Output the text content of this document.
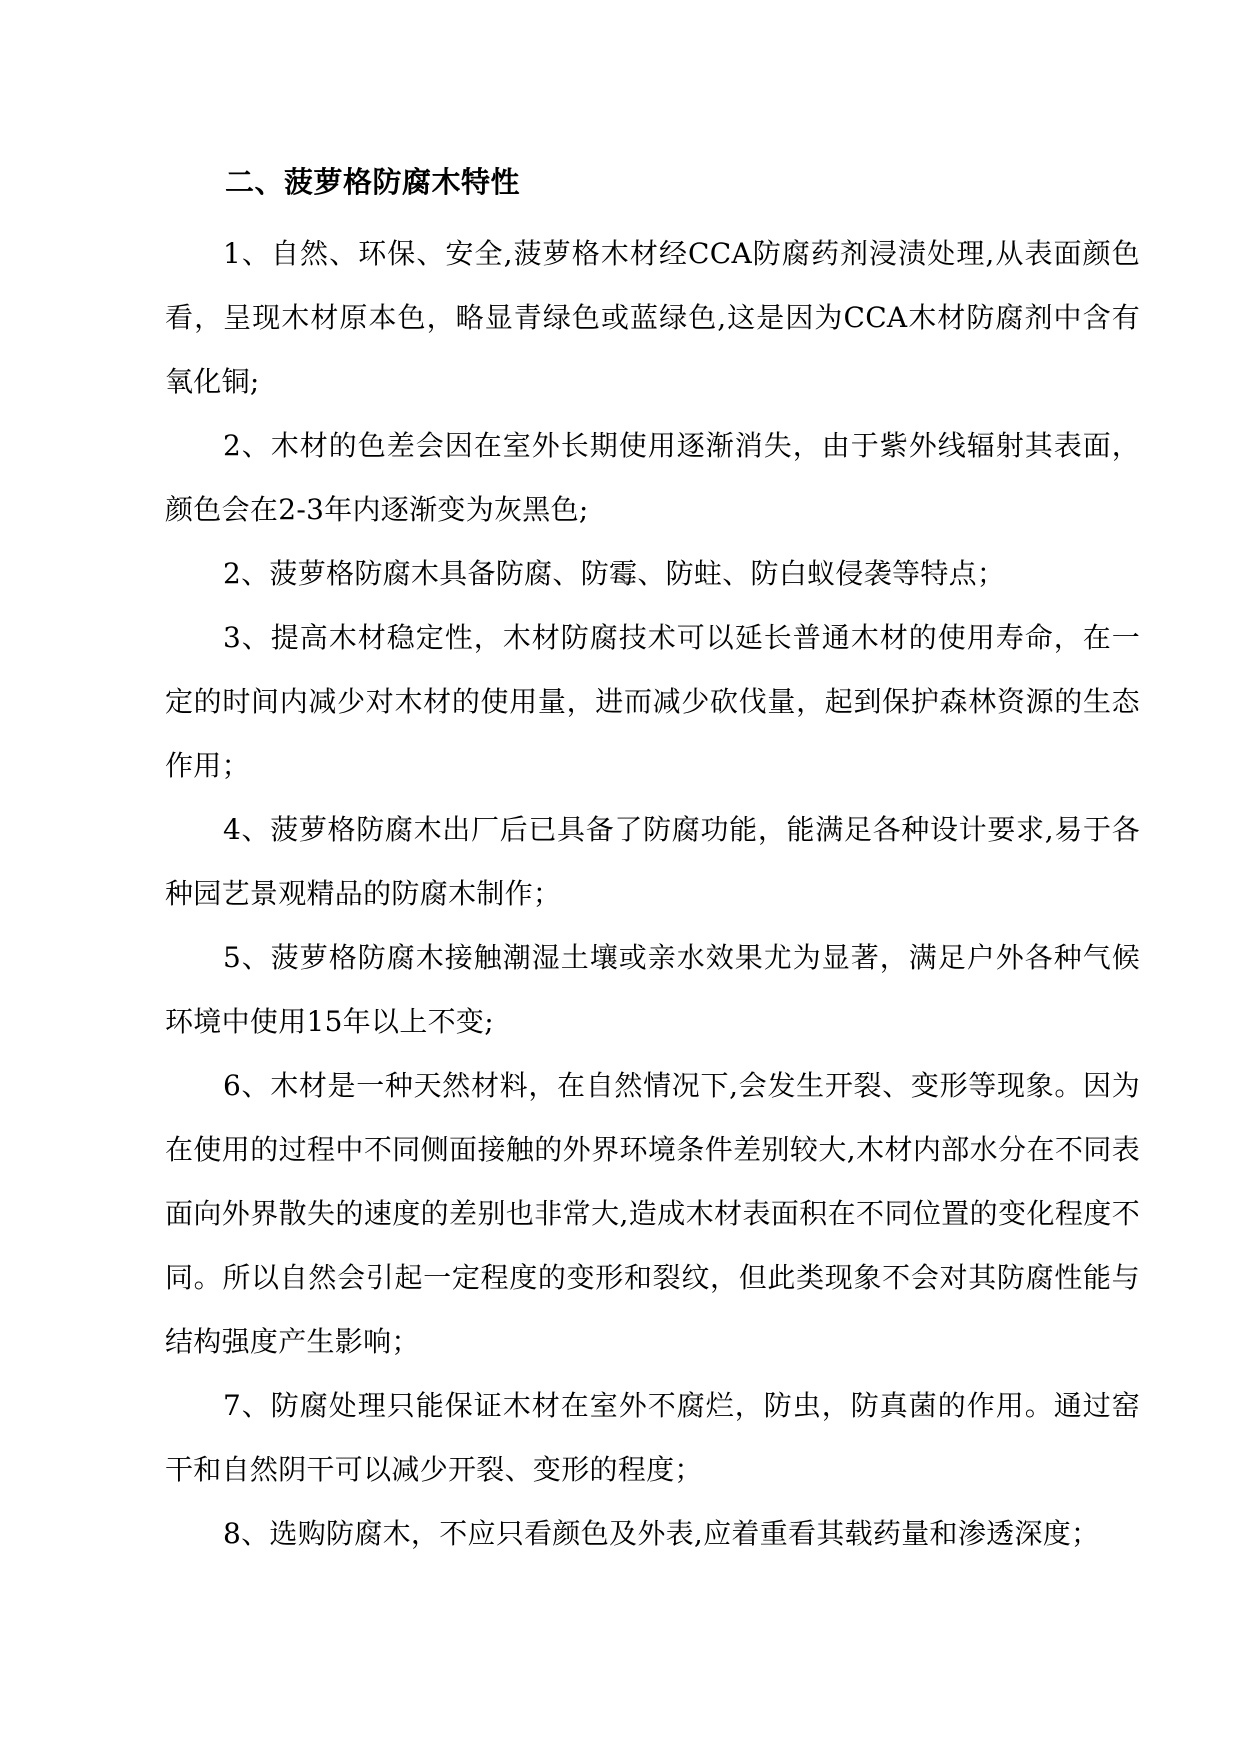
二、菠萝格防腐木特性

1、自然、环保、安全,菠萝格木材经CCA防腐药剂浸渍处理,从表面颜色看，呈现木材原本色，略显青绿色或蓝绿色,这是因为CCA木材防腐剂中含有氧化铜;

2、木材的色差会因在室外长期使用逐渐消失，由于紫外线辐射其表面，颜色会在2-3年内逐渐变为灰黑色;

2、菠萝格防腐木具备防腐、防霉、防蛀、防白蚁侵袭等特点；

3、提高木材稳定性，木材防腐技术可以延长普通木材的使用寿命，在一定的时间内减少对木材的使用量，进而减少砍伐量，起到保护森林资源的生态作用；

4、菠萝格防腐木出厂后已具备了防腐功能，能满足各种设计要求,易于各种园艺景观精品的防腐木制作；

5、菠萝格防腐木接触潮湿土壤或亲水效果尤为显著，满足户外各种气候环境中使用15年以上不变;

6、木材是一种天然材料，在自然情况下,会发生开裂、变形等现象。因为在使用的过程中不同侧面接触的外界环境条件差别较大,木材内部水分在不同表面向外界散失的速度的差别也非常大,造成木材表面积在不同位置的变化程度不同。所以自然会引起一定程度的变形和裂纹，但此类现象不会对其防腐性能与结构强度产生影响；

7、防腐处理只能保证木材在室外不腐烂，防虫，防真菌的作用。通过窑干和自然阴干可以减少开裂、变形的程度；

8、选购防腐木，不应只看颜色及外表,应着重看其载药量和渗透深度；
